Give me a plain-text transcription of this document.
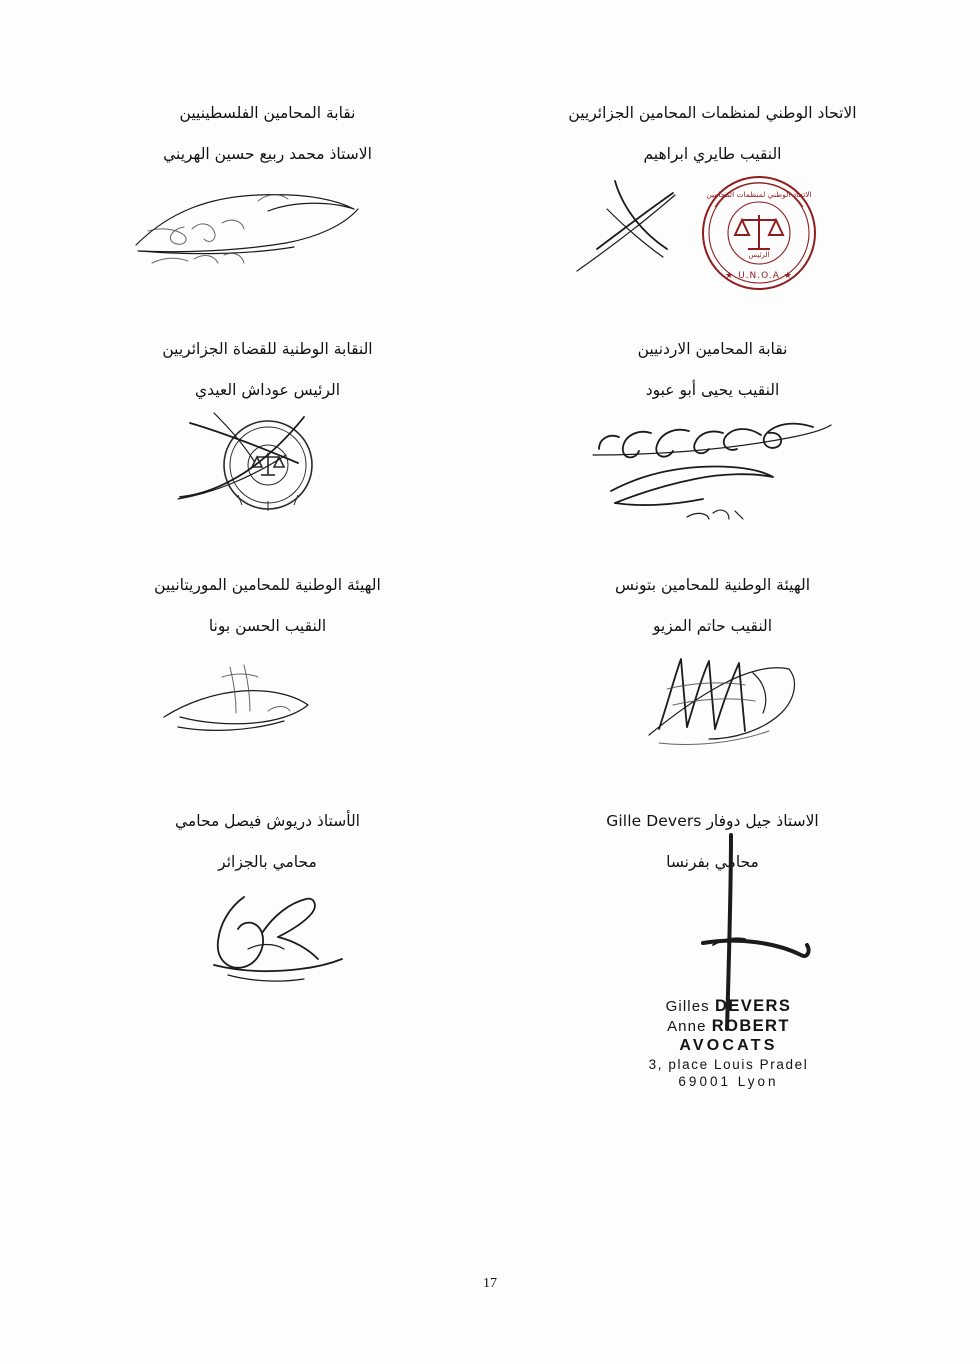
الاتحاد الوطني لمنظمات المحامين الجزائريين

النقيب طايري ابراهيم

الرئيس
★ U.N.O.A ★
الاتحاد الوطني لمنظمات المحامين

نقابة المحامين الفلسطينيين

الاستاذ محمد ربيع حسين الهريني

نقابة المحامين الاردنيين

النقيب يحيى أبو عبود

النقابة الوطنية للقضاة الجزائريين

الرئيس عوداش العيدي

الهيئة الوطنية للمحامين بتونس

النقيب حاتم المزيو

الهيئة الوطنية للمحامين الموريتانيين

النقيب الحسن بونا

الاستاذ جيل دوفار Gille Devers

محامي بفرنسا

Gilles DEVERS
Anne ROBERT
AVOCATS
3, place Louis Pradel
69001 Lyon

الأستاذ دريوش فيصل محامي

محامي بالجزائر

17
